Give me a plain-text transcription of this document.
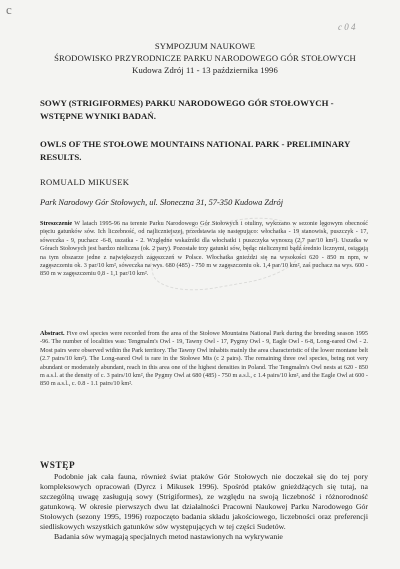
c
c 0 4
SYMPOZJUM NAUKOWE
ŚRODOWISKO PRZYRODNICZE PARKU NARODOWEGO GÓR STOŁOWYCH
Kudowa Zdrój 11 - 13 października 1996
SOWY (STRIGIFORMES) PARKU NARODOWEGO GÓR STOŁOWYCH - WSTĘPNE WYNIKI BADAŃ.
OWLS OF THE STOŁOWE MOUNTAINS NATIONAL PARK - PRELIMINARY RESULTS.
ROMUALD MIKUSEK
Park Narodowy Gór Stołowych, ul. Słoneczna 31, 57-350 Kudowa Zdrój
Streszczenie W latach 1995-96 na terenie Parku Narodowego Gór Stołowych i otuliny, wykrzano w sezonie lęgowym obecność pięciu gatunków sów. Ich liczebność, od najliczniejszej, przedstawia się następująco: włochatka - 19 stanowisk, puszczyk - 17, sóweczka - 9, puchacz -6-8, uszatka - 2. Względne wskaźniki dla włochatki i puszczyka wynoszą (2,7 par/10 km²). Uszatka w Górach Stołowych jest bardzo nieliczna (ok. 2 pary). Pozostałe trzy gatunki sów, będąc nielicznymi bądź średnio licznymi, osiągają na tym obszarze jedne z największych zagęszczeń w Polsce. Włochatka gnieździ się na wysokości 620 - 850 m npm, w zagęszczeniu ok. 3 par/10 km², sóweczka na wys. 680 (485) - 750 m w zagęszczeniu ok. 1,4 par/10 km², zaś puchacz na wys. 600 - 850 m w zagęszczeniu 0,8 - 1,1 par/10 km².
Abstract. Five owl species were recorded from the area of the Stołowe Mountains National Park during the breeding season 1995 -96. The number of localities was: Tengmalm's Owl - 19, Tawny Owl - 17, Pygmy Owl - 9, Eagle Owl - 6-8, Long-eared Owl - 2. Most pairs were observed within the Park territory. The Tawny Owl inhabits mainly the area characteristic of the lower montane belt (2.7 pairs/10 km²). The Long-eared Owl is rare in the Stołowe Mts (c 2 pairs). The remaining three owl species, being not very abundant or moderately abundant, reach in this area one of the highest densities in Poland. The Tengmalm's Owl nests at 620 - 850 m a.s.l. at the density of c. 3 pairs/10 km², the Pygmy Owl at 680 (485) - 750 m a.s.l., c 1.4 pairs/10 km², and the Eagle Owl at 600 - 850 m a.s.l., c. 0.8 - 1.1 pairs/10 km².
WSTĘP
Podobnie jak cała fauna, również świat ptaków Gór Stołowych nie doczekał się do tej pory kompleksowych opracowań (Dyrcz i Mikusek 1996). Spośród ptaków gnieżdżących się tutaj, na szczególną uwagę zasługują sowy (Strigiformes), ze względu na swoją liczebność i różnorodność gatunkową. W okresie pierwszych dwu lat działalności Pracowni Naukowej Parku Narodowego Gór Stołowych (sezony 1995, 1996) rozpoczęto badania składu jakościowego, liczebności oraz preferencji siedliskowych wszystkich gatunków sów występujących w tej części Sudetów.
Badania sów wymagają specjalnych metod nastawionych na wykrywanie
